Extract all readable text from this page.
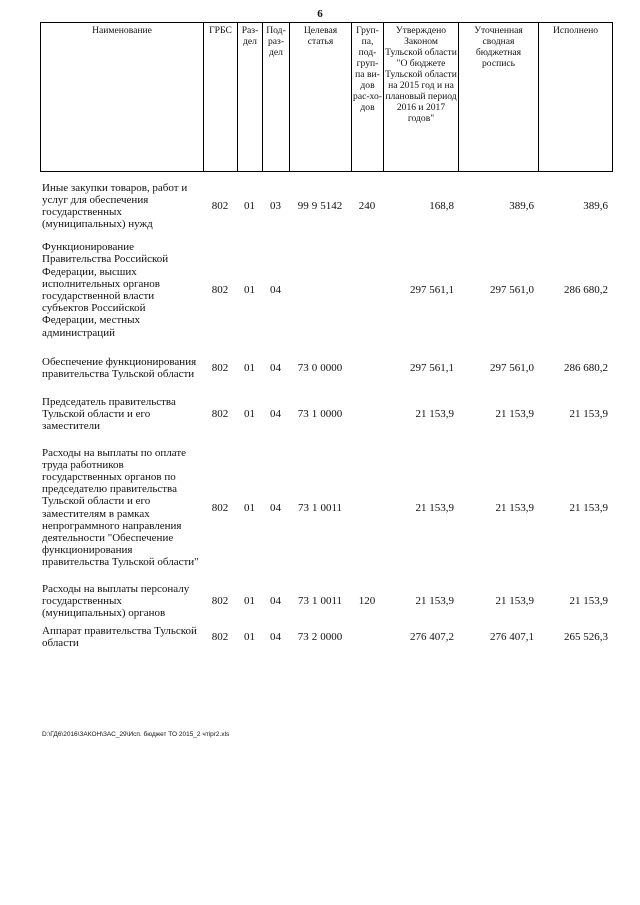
6
Наименование	ГРБС	Раз-дел	Под-раз-дел	Целевая статья	Груп-па, под-груп-па ви-дов рас-хо-дов	Утверждено Законом Тульской области "О бюджете Тульской области на 2015 год и на плановый период 2016 и 2017 годов"	Уточненная сводная бюджетная роспись	Исполнено
Иные закупки товаров, работ и услуг для обеспечения государственных (муниципальных) нужд	802	01	03	99 9 5142	240	168,8	389,6	389,6
Функционирование Правительства Российской Федерации, высших исполнительных органов государственной власти субъектов Российской Федерации, местных администраций	802	01	04			297 561,1	297 561,0	286 680,2
Обеспечение функционирования правительства Тульской области	802	01	04	73 0 0000		297 561,1	297 561,0	286 680,2
Председатель правительства Тульской области и его заместители	802	01	04	73 1 0000		21 153,9	21 153,9	21 153,9
Расходы на выплаты по оплате труда работников государственных органов по председателю правительства Тульской области и его заместителям в рамках непрограммного направления деятельности "Обеспечение функционирования правительства Тульской области"	802	01	04	73 1 0011		21 153,9	21 153,9	21 153,9
Расходы на выплаты персоналу государственных (муниципальных) органов	802	01	04	73 1 0011	120	21 153,9	21 153,9	21 153,9
Аппарат правительства Тульской области	802	01	04	73 2 0000		276 407,2	276 407,1	265 526,3
D:\ГД6\2016\ЗАКОН\ЗАС_29\Исп. бюджет ТО 2015_2 чтipr2.xls
